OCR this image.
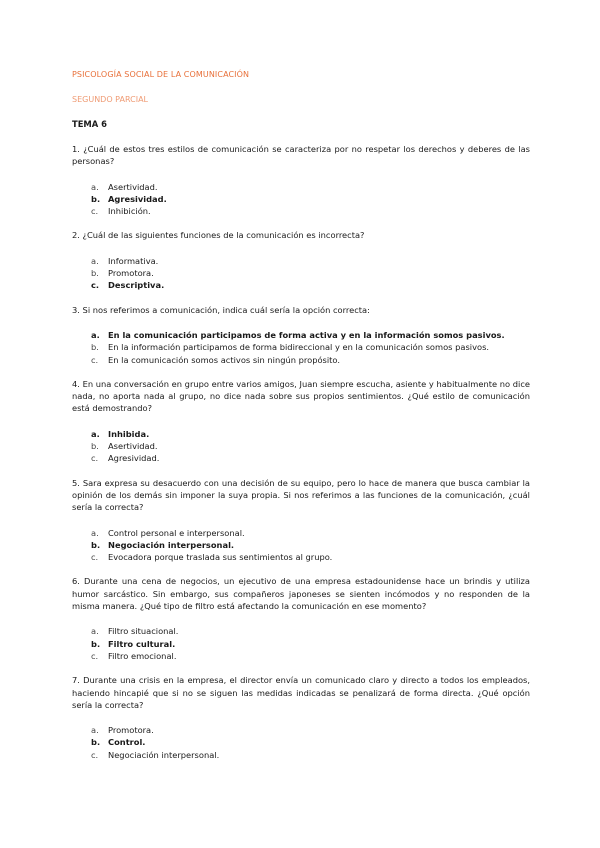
PSICOLOGÍA SOCIAL DE LA COMUNICACIÓN
SEGUNDO PARCIAL
TEMA 6

1. ¿Cuál de estos tres estilos de comunicación se caracteriza por no respetar los derechos y deberes de las personas?

a.	Asertividad.
b. Agresividad.
c.	Inhibición.

2. ¿Cuál de las siguientes funciones de la comunicación es incorrecta?

a.	Informativa.
b.	Promotora.
c.	Descriptiva.

3. Si nos referimos a comunicación, indica cuál sería la opción correcta:

a. En la comunicación participamos de forma activa y en la información somos pasivos.
b.	En la información participamos de forma bidireccional y en la comunicación somos pasivos.
c.	En la comunicación somos activos sin ningún propósito.

4. En una conversación en grupo entre varios amigos, Juan siempre escucha, asiente y habitualmente no dice nada, no aporta nada al grupo, no dice nada sobre sus propios sentimientos. ¿Qué estilo de comunicación está demostrando?

a. Inhibida.
b.	Asertividad.
c.	Agresividad.

5. Sara expresa su desacuerdo con una decisión de su equipo, pero lo hace de manera que busca cambiar la opinión de los demás sin imponer la suya propia. Si nos referimos a las funciones de la comunicación, ¿cuál sería la correcta?

a.	Control personal e interpersonal.
b. Negociación interpersonal.
c.	Evocadora porque traslada sus sentimientos al grupo.

6. Durante una cena de negocios, un ejecutivo de una empresa estadounidense hace un brindis y utiliza humor sarcástico. Sin embargo, sus compañeros japoneses se sienten incómodos y no responden de la misma manera. ¿Qué tipo de filtro está afectando la comunicación en ese momento?

a.	Filtro situacional.
b. Filtro cultural.
c.	Filtro emocional.

7. Durante una crisis en la empresa, el director envía un comunicado claro y directo a todos los empleados, haciendo hincapié que si no se siguen las medidas indicadas se penalizará de forma directa. ¿Qué opción sería la correcta?

a.	Promotora.
b. Control.
c.	Negociación interpersonal.
